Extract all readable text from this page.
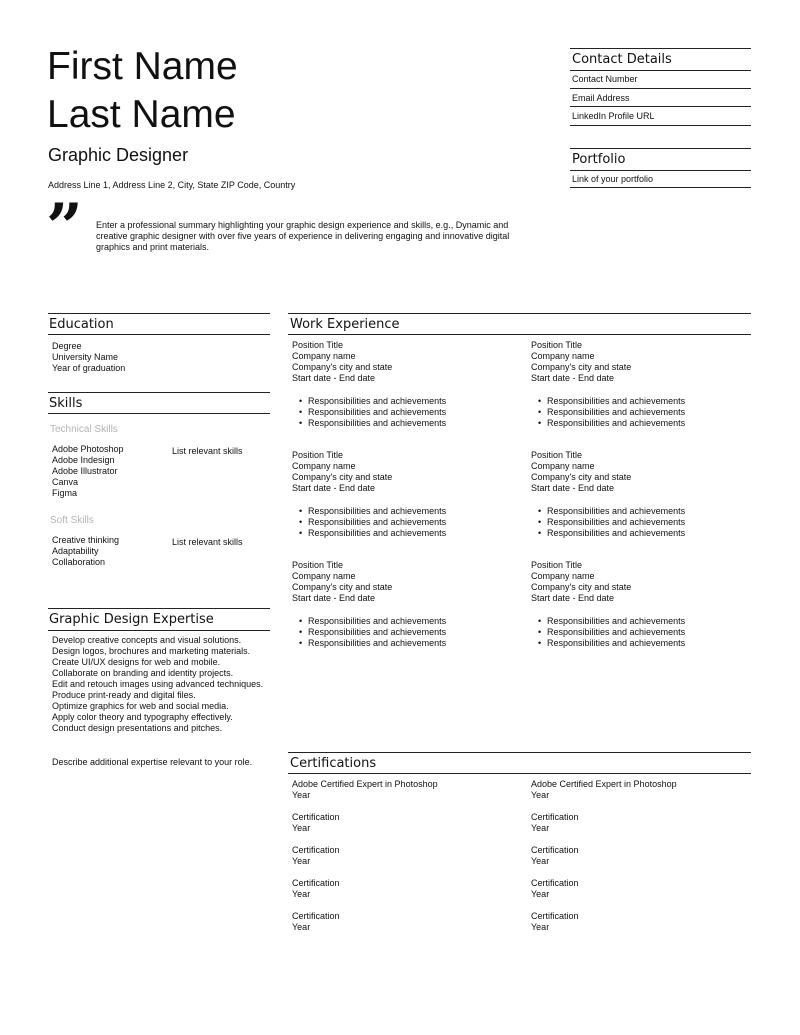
First Name
Last Name
Graphic Designer
Address Line 1, Address Line 2, City, State ZIP Code, Country
” Enter a professional summary highlighting your graphic design experience and skills, e.g., Dynamic and creative graphic designer with over five years of experience in delivering engaging and innovative digital graphics and print materials.
Contact Details
Contact Number
Email Address
LinkedIn Profile URL
Portfolio
Link of your portfolio
Education
Degree
University Name
Year of graduation
Skills
Technical Skills
Adobe Photoshop
Adobe Indesign
Adobe Illustrator
Canva
Figma
List relevant skills
Soft Skills
Creative thinking
Adaptability
Collaboration
List relevant skills
Graphic Design Expertise
Develop creative concepts and visual solutions.
Design logos, brochures and marketing materials.
Create UI/UX designs for web and mobile.
Collaborate on branding and identity projects.
Edit and retouch images using advanced techniques.
Produce print-ready and digital files.
Optimize graphics for web and social media.
Apply color theory and typography effectively.
Conduct design presentations and pitches.
Describe additional expertise relevant to your role.
Work Experience
Position Title
Company name
Company's city and state
Start date - End date
• Responsibilities and achievements
• Responsibilities and achievements
• Responsibilities and achievements
Position Title
Company name
Company's city and state
Start date - End date
• Responsibilities and achievements
• Responsibilities and achievements
• Responsibilities and achievements
Position Title
Company name
Company's city and state
Start date - End date
• Responsibilities and achievements
• Responsibilities and achievements
• Responsibilities and achievements
Position Title
Company name
Company's city and state
Start date - End date
• Responsibilities and achievements
• Responsibilities and achievements
• Responsibilities and achievements
Position Title
Company name
Company's city and state
Start date - End date
• Responsibilities and achievements
• Responsibilities and achievements
• Responsibilities and achievements
Position Title
Company name
Company's city and state
Start date - End date
• Responsibilities and achievements
• Responsibilities and achievements
• Responsibilities and achievements
Certifications
Adobe Certified Expert in Photoshop
Year
Adobe Certified Expert in Photoshop
Year
Certification
Year
Certification
Year
Certification
Year
Certification
Year
Certification
Year
Certification
Year
Certification
Year
Certification
Year
